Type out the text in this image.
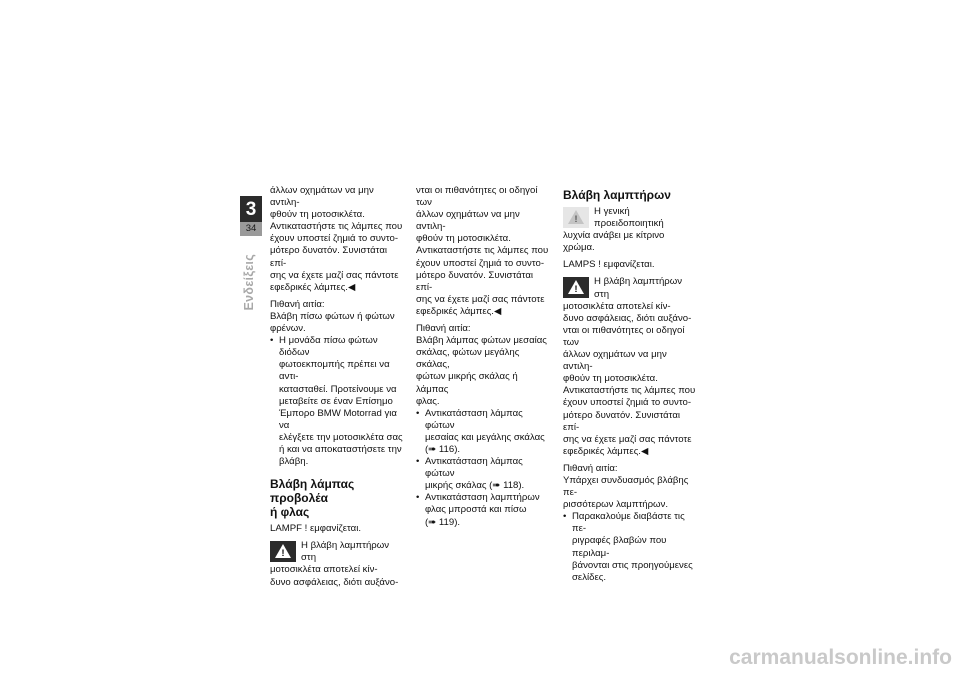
3
34
Ενδείξεις
άλλων οχημάτων να μην αντιλη-
φθούν τη μοτοσικλέτα.
Αντικαταστήστε τις λάμπες που
έχουν υποστεί ζημιά το συντο-
μότερο δυνατόν. Συνιστάται επί-
σης να έχετε μαζί σας πάντοτε
εφεδρικές λάμπες.◀
Πιθανή αιτία:
Βλάβη πίσω φώτων ή φώτων
φρένων.
• Η μονάδα πίσω φώτων διόδων
φωτοεκπομπής πρέπει να αντι-
κατασταθεί. Προτείνουμε να
μεταβείτε σε έναν Επίσημο
Έμπορο BMW Motorrad για να
ελέγξετε την μοτοσικλέτα σας
ή και να αποκαταστήσετε την
βλάβη.
Βλάβη λάμπας προβολέα
ή φλας
LAMPF ! εμφανίζεται.
!
Η βλάβη λαμπτήρων στη
μοτοσικλέτα αποτελεί κίν-
δυνο ασφάλειας, διότι αυξάνο-
νται οι πιθανότητες οι οδηγοί των
άλλων οχημάτων να μην αντιλη-
φθούν τη μοτοσικλέτα.
Αντικαταστήστε τις λάμπες που
έχουν υποστεί ζημιά το συντο-
μότερο δυνατόν. Συνιστάται επί-
σης να έχετε μαζί σας πάντοτε
εφεδρικές λάμπες.◀
Πιθανή αιτία:
Βλάβη λάμπας φώτων μεσαίας
σκάλας, φώτων μεγάλης σκάλας,
φώτων μικρής σκάλας ή λάμπας
φλας.
• Αντικατάσταση λάμπας φώτων
μεσαίας και μεγάλης σκάλας
(➠ 116).
• Αντικατάσταση λάμπας φώτων
μικρής σκάλας (➠ 118).
• Αντικατάσταση λαμπτήρων
φλας μπροστά και πίσω
(➠ 119).
Βλάβη λαμπτήρων
!
Η γενική προειδοποιητική
λυχνία ανάβει με κίτρινο
χρώμα.
LAMPS ! εμφανίζεται.
!
Η βλάβη λαμπτήρων στη
μοτοσικλέτα αποτελεί κίν-
δυνο ασφάλειας, διότι αυξάνο-
νται οι πιθανότητες οι οδηγοί των
άλλων οχημάτων να μην αντιλη-
φθούν τη μοτοσικλέτα.
Αντικαταστήστε τις λάμπες που
έχουν υποστεί ζημιά το συντο-
μότερο δυνατόν. Συνιστάται επί-
σης να έχετε μαζί σας πάντοτε
εφεδρικές λάμπες.◀
Πιθανή αιτία:
Υπάρχει συνδυασμός βλάβης πε-
ρισσότερων λαμπτήρων.
• Παρακαλούμε διαβάστε τις πε-
ριγραφές βλαβών που περιλαμ-
βάνονται στις προηγούμενες
σελίδες.
carmanualsonline.info
